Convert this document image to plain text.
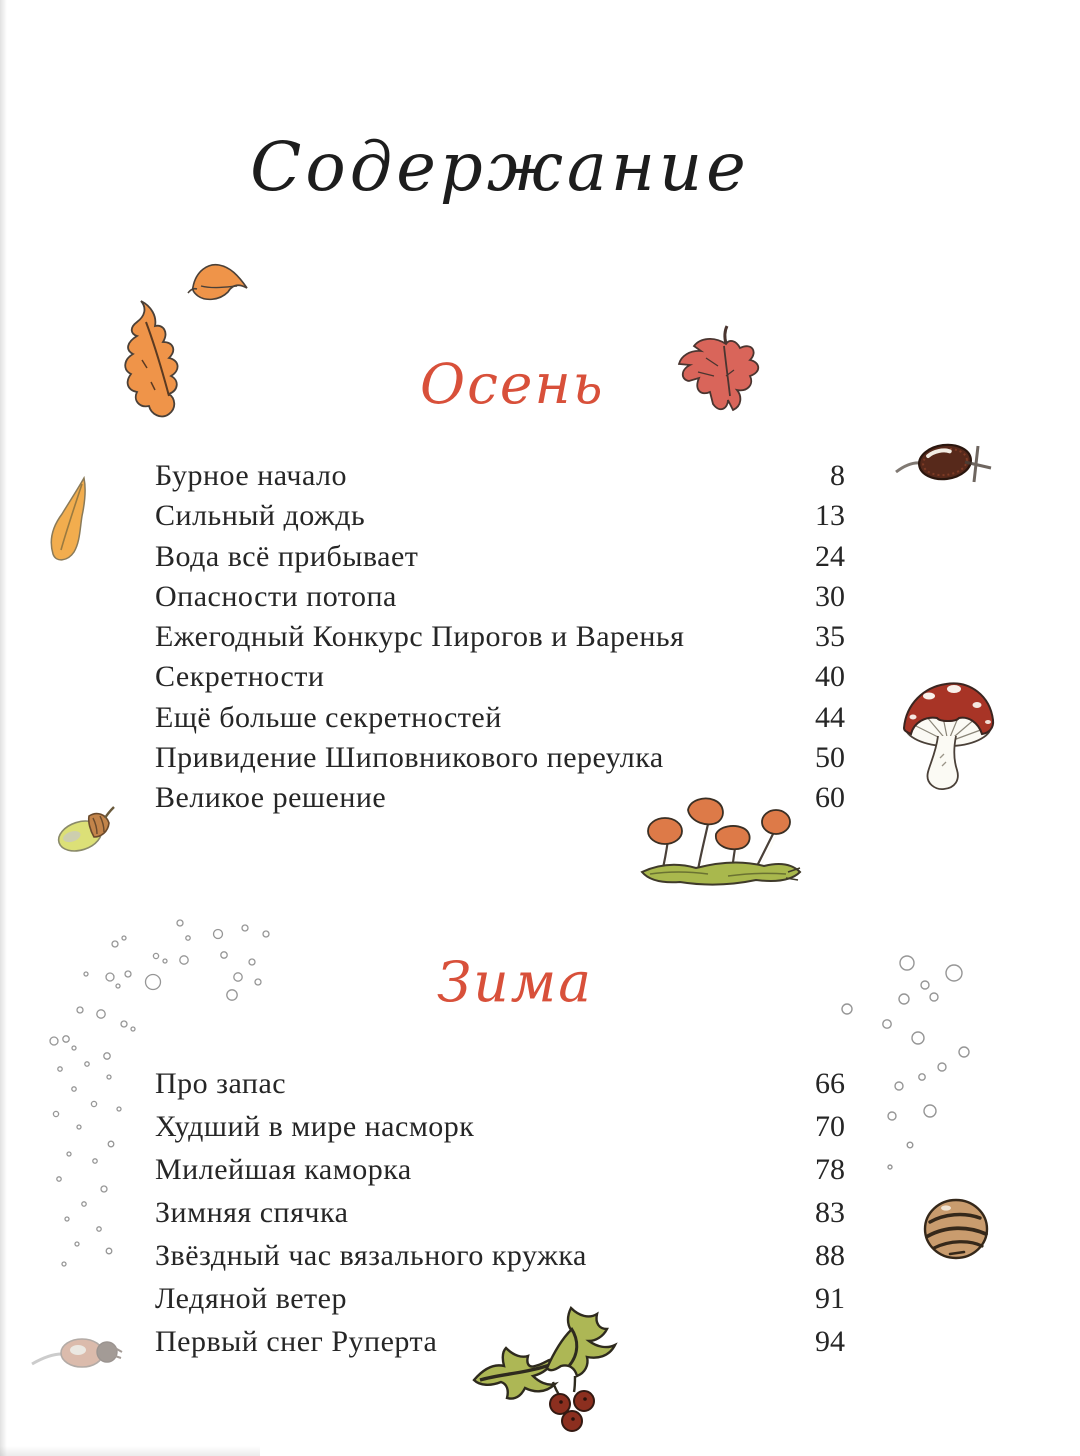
Содержание
Осень
Бурное начало	8
Сильный дождь	13
Вода всё прибывает	24
Опасности потопа	30
Ежегодный Конкурс Пирогов и Варенья	35
Секретности	40
Ещё больше секретностей	44
Привидение Шиповникового переулка	50
Великое решение	60
Зима
Про запас	66
Худший в мире насморк	70
Милейшая каморка	78
Зимняя спячка	83
Звёздный час вязального кружка	88
Ледяной ветер	91
Первый снег Руперта	94
